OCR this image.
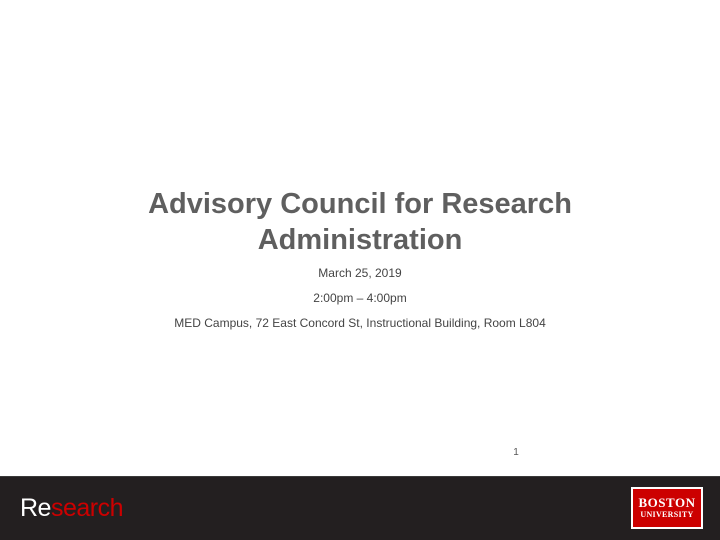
Advisory Council for Research Administration
March 25, 2019
2:00pm – 4:00pm
MED Campus, 72 East Concord St, Instructional Building, Room L804
1
Research	BOSTON
UNIVERSITY
